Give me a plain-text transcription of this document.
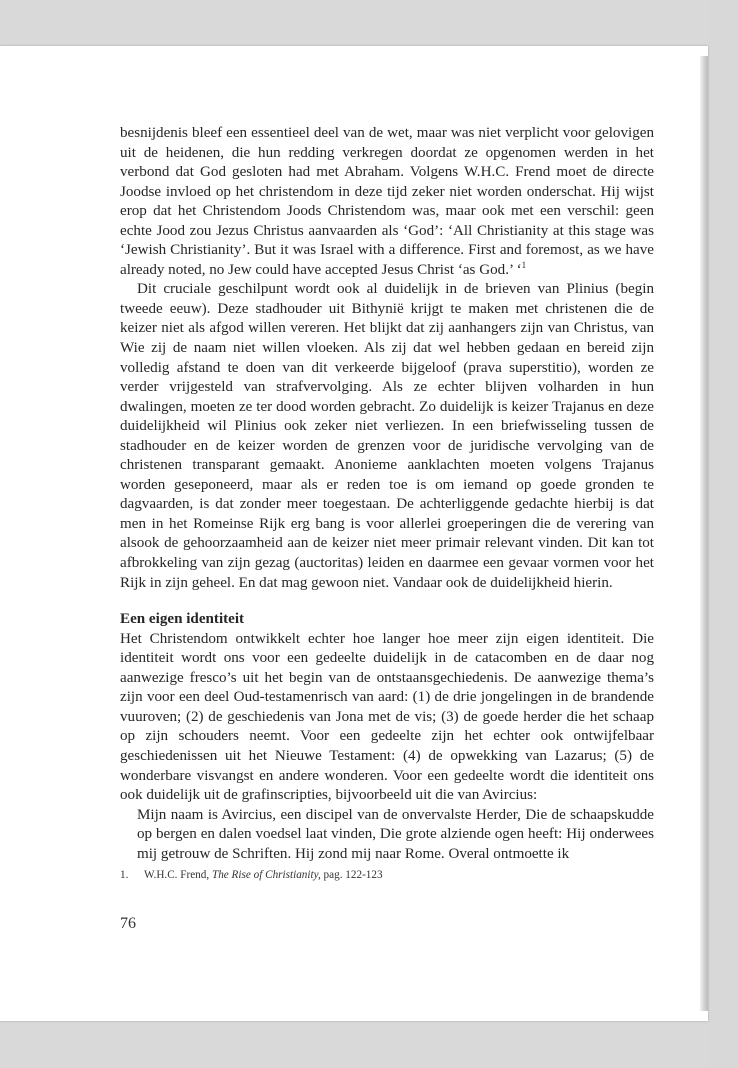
besnijdenis bleef een essentieel deel van de wet, maar was niet verplicht voor gelovigen uit de heidenen, die hun redding verkregen doordat ze opgenomen werden in het verbond dat God gesloten had met Abraham. Volgens W.H.C. Frend moet de directe Joodse invloed op het christendom in deze tijd zeker niet worden onderschat. Hij wijst erop dat het Christendom Joods Christendom was, maar ook met een verschil: geen echte Jood zou Jezus Christus aanvaarden als ‘God’: ‘All Christianity at this stage was ‘Jewish Christianity’. But it was Israel with a difference. First and foremost, as we have already noted, no Jew could have accepted Jesus Christ ‘as God.’ ‘$^1$

Dit cruciale geschilpunt wordt ook al duidelijk in de brieven van Plinius (begin tweede eeuw). Deze stadhouder uit Bithynië krijgt te maken met christenen die de keizer niet als afgod willen vereren. Het blijkt dat zij aanhangers zijn van Christus, van Wie zij de naam niet willen vloeken. Als zij dat wel hebben gedaan en bereid zijn volledig afstand te doen van dit verkeerde bijgeloof (prava superstitio), worden ze verder vrijgesteld van strafvervolging. Als ze echter blijven volharden in hun dwalingen, moeten ze ter dood worden gebracht. Zo duidelijk is keizer Trajanus en deze duidelijkheid wil Plinius ook zeker niet verliezen. In een briefwisseling tussen de stadhouder en de keizer worden de grenzen voor de juridische vervolging van de christenen transparant gemaakt. Anonieme aanklachten moeten volgens Trajanus worden geseponeerd, maar als er reden toe is om iemand op goede gronden te dagvaarden, is dat zonder meer toegestaan. De achterliggende gedachte hierbij is dat men in het Romeinse Rijk erg bang is voor allerlei groeperingen die de verering van alsook de gehoorzaamheid aan de keizer niet meer primair relevant vinden. Dit kan tot afbrokkeling van zijn gezag (auctoritas) leiden en daarmee een gevaar vormen voor het Rijk in zijn geheel. En dat mag gewoon niet. Vandaar ook de duidelijkheid hierin.

Een eigen identiteit

Het Christendom ontwikkelt echter hoe langer hoe meer zijn eigen identiteit. Die identiteit wordt ons voor een gedeelte duidelijk in de catacomben en de daar nog aanwezige fresco’s uit het begin van de ontstaansgechiedenis. De aanwezige thema’s zijn voor een deel Oud-testamenrisch van aard: (1) de drie jongelingen in de brandende vuuroven; (2) de geschiedenis van Jona met de vis; (3) de goede herder die het schaap op zijn schouders neemt. Voor een gedeelte zijn het echter ook ontwijfelbaar geschiedenissen uit het Nieuwe Testament: (4) de opwekking van Lazarus; (5) de wonderbare visvangst en andere wonderen. Voor een gedeelte wordt die identiteit ons ook duidelijk uit de grafinscripties, bijvoorbeeld uit die van Avircius:

Mijn naam is Avircius, een discipel van de onvervalste Herder, Die de schaapskudde op bergen en dalen voedsel laat vinden, Die grote alziende ogen heeft: Hij onderwees mij getrouw de Schriften. Hij zond mij naar Rome. Overal ontmoette ik

1. W.H.C. Frend, The Rise of Christianity, pag. 122-123
76
